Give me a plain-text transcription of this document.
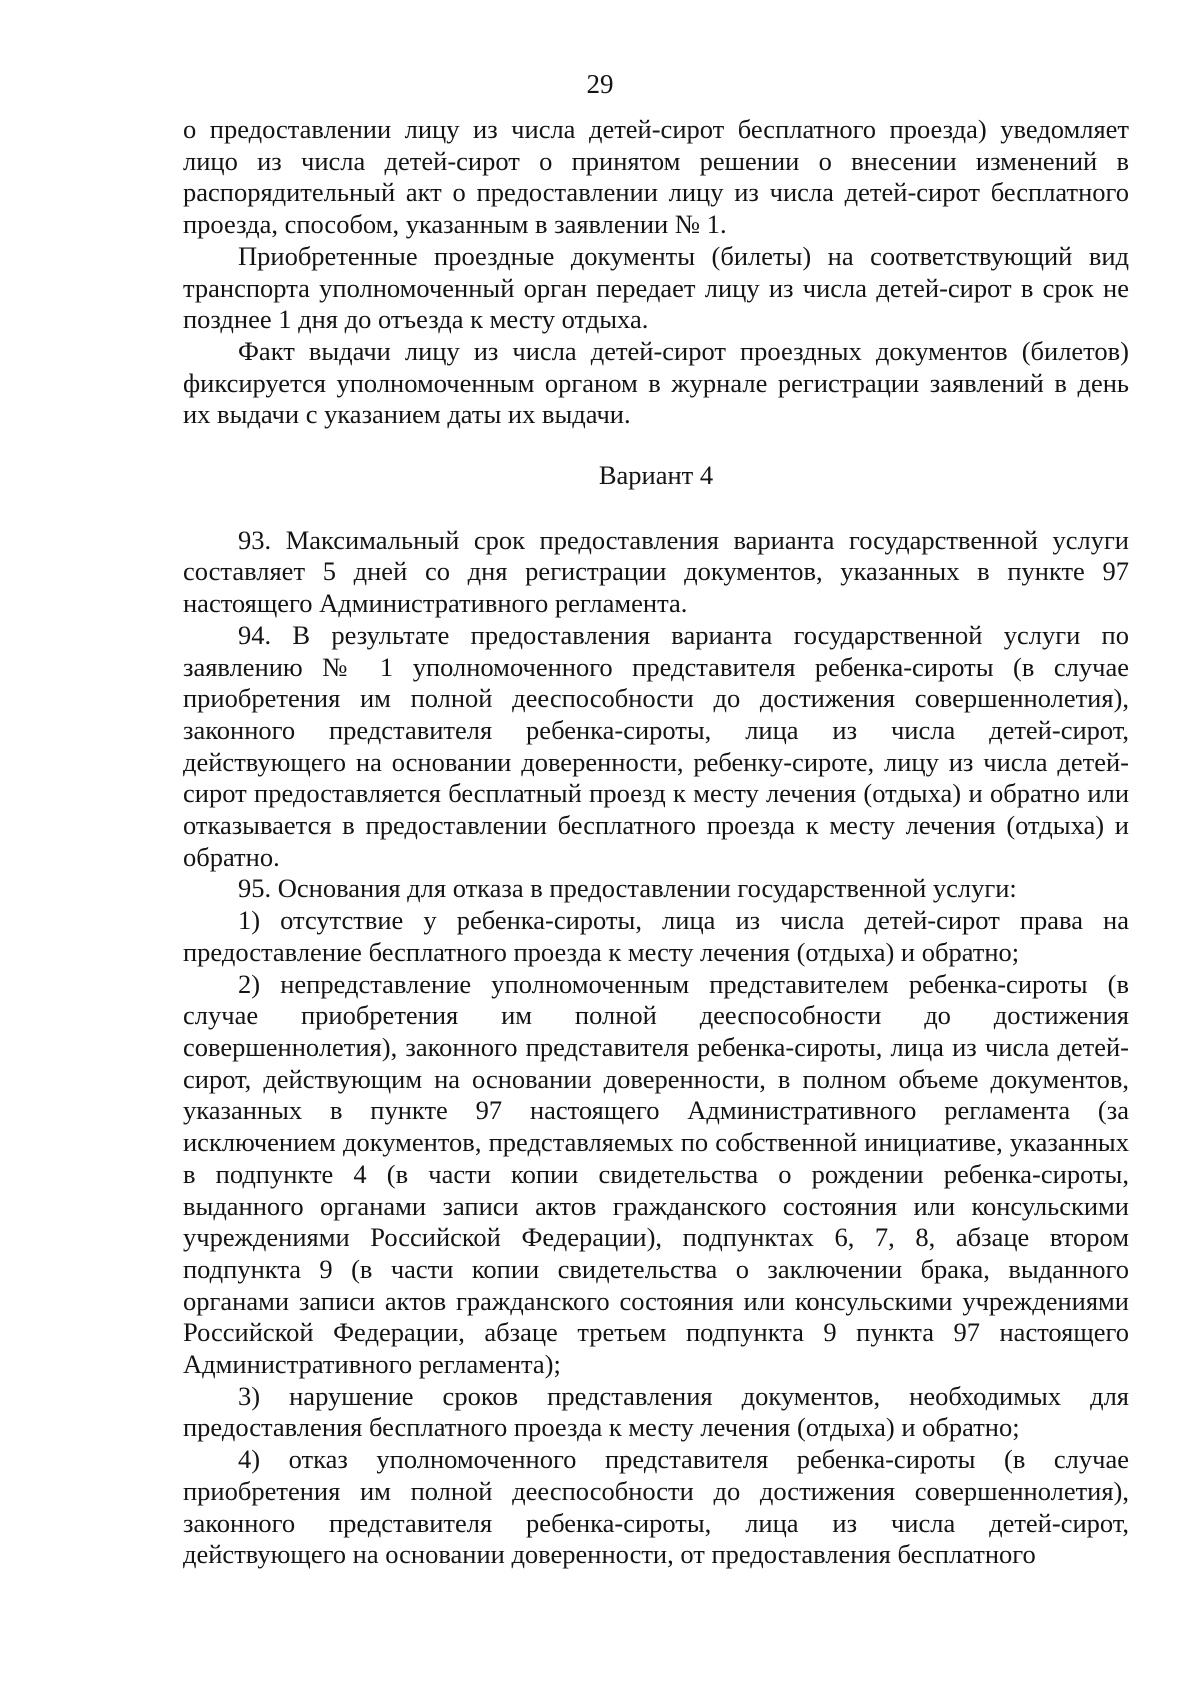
29

о предоставлении лицу из числа детей-сирот бесплатного проезда) уведомляет лицо из числа детей-сирот о принятом решении о внесении изменений в распорядительный акт о предоставлении лицу из числа детей-сирот бесплатного проезда, способом, указанным в заявлении № 1.

Приобретенные проездные документы (билеты) на соответствующий вид транспорта уполномоченный орган передает лицу из числа детей-сирот в срок не позднее 1 дня до отъезда к месту отдыха.

Факт выдачи лицу из числа детей-сирот проездных документов (билетов) фиксируется уполномоченным органом в журнале регистрации заявлений в день их выдачи с указанием даты их выдачи.

Вариант 4

93. Максимальный срок предоставления варианта государственной услуги составляет 5 дней со дня регистрации документов, указанных в пункте 97 настоящего Административного регламента.

94. В результате предоставления варианта государственной услуги по заявлению № 1 уполномоченного представителя ребенка-сироты (в случае приобретения им полной дееспособности до достижения совершеннолетия), законного представителя ребенка-сироты, лица из числа детей-сирот, действующего на основании доверенности, ребенку-сироте, лицу из числа детей-сирот предоставляется бесплатный проезд к месту лечения (отдыха) и обратно или отказывается в предоставлении бесплатного проезда к месту лечения (отдыха) и обратно.

95. Основания для отказа в предоставлении государственной услуги:

1) отсутствие у ребенка-сироты, лица из числа детей-сирот права на предоставление бесплатного проезда к месту лечения (отдыха) и обратно;

2) непредставление уполномоченным представителем ребенка-сироты (в случае приобретения им полной дееспособности до достижения совершеннолетия), законного представителя ребенка-сироты, лица из числа детей-сирот, действующим на основании доверенности, в полном объеме документов, указанных в пункте 97 настоящего Административного регламента (за исключением документов, представляемых по собственной инициативе, указанных в подпункте 4 (в части копии свидетельства о рождении ребенка-сироты, выданного органами записи актов гражданского состояния или консульскими учреждениями Российской Федерации), подпунктах 6, 7, 8, абзаце втором подпункта 9 (в части копии свидетельства о заключении брака, выданного органами записи актов гражданского состояния или консульскими учреждениями Российской Федерации, абзаце третьем подпункта 9 пункта 97 настоящего Административного регламента);

3) нарушение сроков представления документов, необходимых для предоставления бесплатного проезда к месту лечения (отдыха) и обратно;

4) отказ уполномоченного представителя ребенка-сироты (в случае приобретения им полной дееспособности до достижения совершеннолетия), законного представителя ребенка-сироты, лица из числа детей-сирот, действующего на основании доверенности, от предоставления бесплатного
